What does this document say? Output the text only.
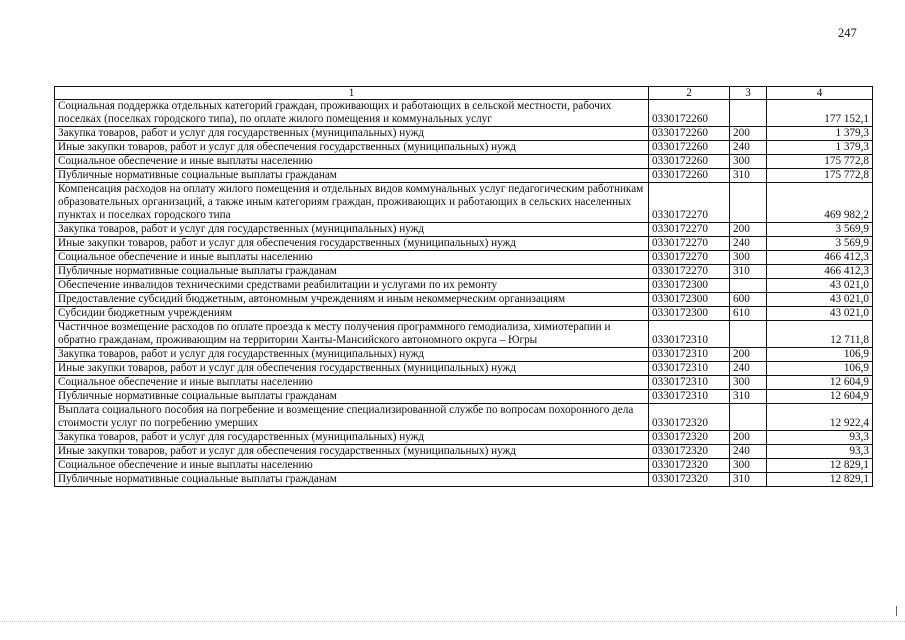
247
1	2	3	4
Социальная поддержка отдельных категорий граждан, проживающих и работающих в сельской местности, рабочих поселках (поселках городского типа), по оплате жилого помещения и коммунальных услуг	0330172260		177 152,1
Закупка товаров, работ и услуг для государственных (муниципальных) нужд	0330172260	200	1 379,3
Иные закупки товаров, работ и услуг для обеспечения государственных (муниципальных) нужд	0330172260	240	1 379,3
Социальное обеспечение и иные выплаты населению	0330172260	300	175 772,8
Публичные нормативные социальные выплаты гражданам	0330172260	310	175 772,8
Компенсация расходов на оплату жилого помещения и отдельных видов коммунальных услуг педагогическим работникам образовательных организаций, а также иным категориям граждан, проживающих и работающих в сельских населенных пунктах и поселках городского типа	0330172270		469 982,2
Закупка товаров, работ и услуг для государственных (муниципальных) нужд	0330172270	200	3 569,9
Иные закупки товаров, работ и услуг для обеспечения государственных (муниципальных) нужд	0330172270	240	3 569,9
Социальное обеспечение и иные выплаты населению	0330172270	300	466 412,3
Публичные нормативные социальные выплаты гражданам	0330172270	310	466 412,3
Обеспечение инвалидов техническими средствами реабилитации и услугами по их ремонту	0330172300		43 021,0
Предоставление субсидий бюджетным, автономным учреждениям и иным некоммерческим организациям	0330172300	600	43 021,0
Субсидии бюджетным учреждениям	0330172300	610	43 021,0
Частичное возмещение расходов по оплате проезда к месту получения программного гемодиализа, химиотерапии и обратно гражданам, проживающим на территории Ханты-Мансийского автономного округа – Югры	0330172310		12 711,8
Закупка товаров, работ и услуг для государственных (муниципальных) нужд	0330172310	200	106,9
Иные закупки товаров, работ и услуг для обеспечения государственных (муниципальных) нужд	0330172310	240	106,9
Социальное обеспечение и иные выплаты населению	0330172310	300	12 604,9
Публичные нормативные социальные выплаты гражданам	0330172310	310	12 604,9
Выплата социального пособия на погребение и возмещение специализированной службе по вопросам похоронного дела стоимости услуг по погребению умерших	0330172320		12 922,4
Закупка товаров, работ и услуг для государственных (муниципальных) нужд	0330172320	200	93,3
Иные закупки товаров, работ и услуг для обеспечения государственных (муниципальных) нужд	0330172320	240	93,3
Социальное обеспечение и иные выплаты населению	0330172320	300	12 829,1
Публичные нормативные социальные выплаты гражданам	0330172320	310	12 829,1
